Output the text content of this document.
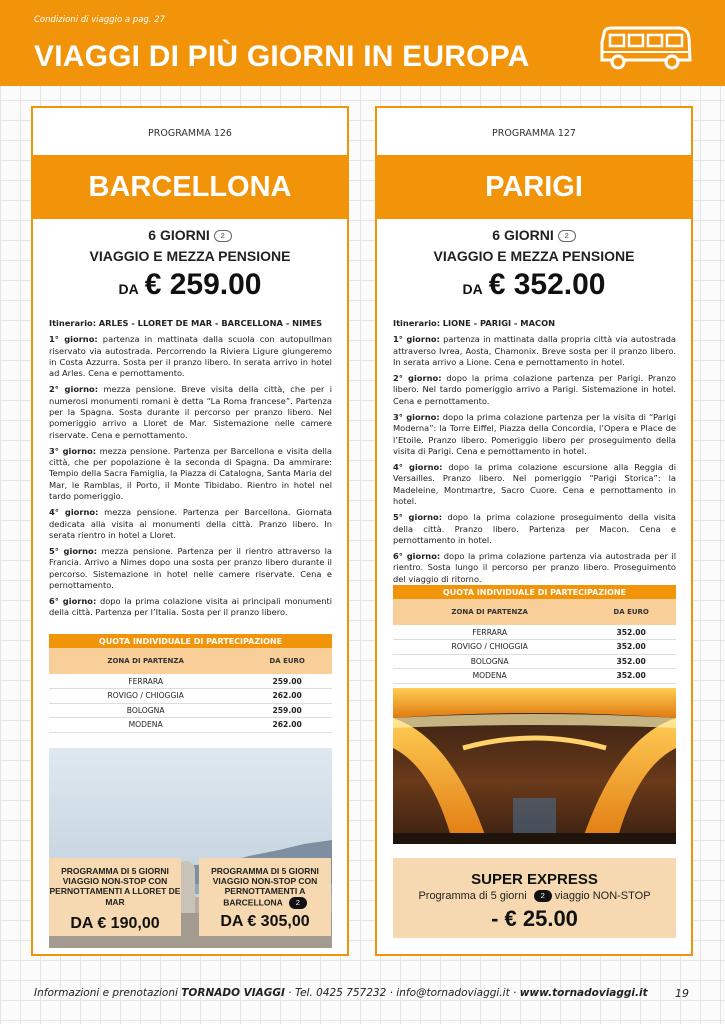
Condizioni di viaggio a pag. 27
VIAGGI DI PIÙ GIORNI IN EUROPA
PROGRAMMA 126
BARCELLONA
6 GIORNI 2
VIAGGIO E MEZZA PENSIONE
DA € 259.00

Itinerario: ARLES - LLORET DE MAR - BARCELLONA - NIMES

1° giorno: partenza in mattinata dalla scuola con autopullman riservato via autostrada. Percorrendo la Riviera Ligure giungeremo in Costa Azzurra. Sosta per il pranzo libero. In serata arrivo in hotel ad Arles. Cena e pernottamento.

2° giorno: mezza pensione. Breve visita della città, che per i numerosi monumenti romani è detta “La Roma francese”. Partenza per la Spagna. Sosta durante il percorso per pranzo libero. Nel pomeriggio arrivo a Lloret de Mar. Sistemazione nelle camere riservate. Cena e pernottamento.

3° giorno: mezza pensione. Partenza per Barcellona e visita della città, che per popolazione è la seconda di Spagna. Da ammirare: Tempio della Sacra Famiglia, la Piazza di Catalogna, Santa Maria del Mar, le Ramblas, il Porto, il Monte Tibidabo. Rientro in hotel nel tardo pomeriggio.

4° giorno: mezza pensione. Partenza per Barcellona. Giornata dedicata alla visita ai monumenti della città. Pranzo libero. In serata rientro in hotel a Lloret.

5° giorno: mezza pensione. Partenza per il rientro attraverso la Francia. Arrivo a Nimes dopo una sosta per pranzo libero durante il percorso. Sistemazione in hotel nelle camere riservate. Cena e pernottamento.

6° giorno: dopo la prima colazione visita ai principali monumenti della città. Partenza per l’Italia. Sosta per il pranzo libero.

QUOTA INDIVIDUALE DI PARTECIPAZIONE	
ZONA DI PARTENZA	DA EURO
FERRARA	259.00
ROVIGO / CHIOGGIA	262.00
BOLOGNA	259.00
MODENA	262.00
PROGRAMMA DI 5 GIORNI VIAGGIO NON-STOP CON PERNOTTAMENTI A LLORET DE MAR
DA € 190,00
PROGRAMMA DI 5 GIORNI VIAGGIO NON-STOP CON PERNOTTAMENTI A BARCELLONA 2
DA € 305,00
PROGRAMMA 127
PARIGI
6 GIORNI 2
VIAGGIO E MEZZA PENSIONE
DA € 352.00

Itinerario: LIONE - PARIGI - MACON

1° giorno: partenza in mattinata dalla propria città via autostrada attraverso Ivrea, Aosta, Chamonix. Breve sosta per il pranzo libero. In serata arrivo a Lione. Cena e pernottamento in hotel.

2° giorno: dopo la prima colazione partenza per Parigi. Pranzo libero. Nel tardo pomeriggio arrivo a Parigi. Sistemazione in hotel. Cena e pernottamento.

3° giorno: dopo la prima colazione partenza per la visita di “Parigi Moderna”: la Torre Eiffel, Piazza della Concordia, l’Opera e Place de l’Etoile. Pranzo libero. Pomeriggio libero per proseguimento della visita di Parigi. Cena e pernottamento in hotel.

4° giorno: dopo la prima colazione escursione alla Reggia di Versailles. Pranzo libero. Nel pomeriggio “Parigi Storica”: la Madeleine, Montmartre, Sacro Cuore. Cena e pernottamento in hotel.

5° giorno: dopo la prima colazione proseguimento della visita della città. Pranzo libero. Partenza per Macon. Cena e pernottamento in hotel.

6° giorno: dopo la prima colazione partenza via autostrada per il rientro. Sosta lungo il percorso per pranzo libero. Proseguimento del viaggio di ritorno.

QUOTA INDIVIDUALE DI PARTECIPAZIONE	
ZONA DI PARTENZA	DA EURO
FERRARA	352.00
ROVIGO / CHIOGGIA	352.00
BOLOGNA	352.00
MODENA	352.00
SUPER EXPRESS
Programma di 5 giorni 2 viaggio NON-STOP
- € 25.00
Informazioni e prenotazioni TORNADO VIAGGI · Tel. 0425 757232 · info@tornadoviaggi.it · www.tornadoviaggi.it	19
